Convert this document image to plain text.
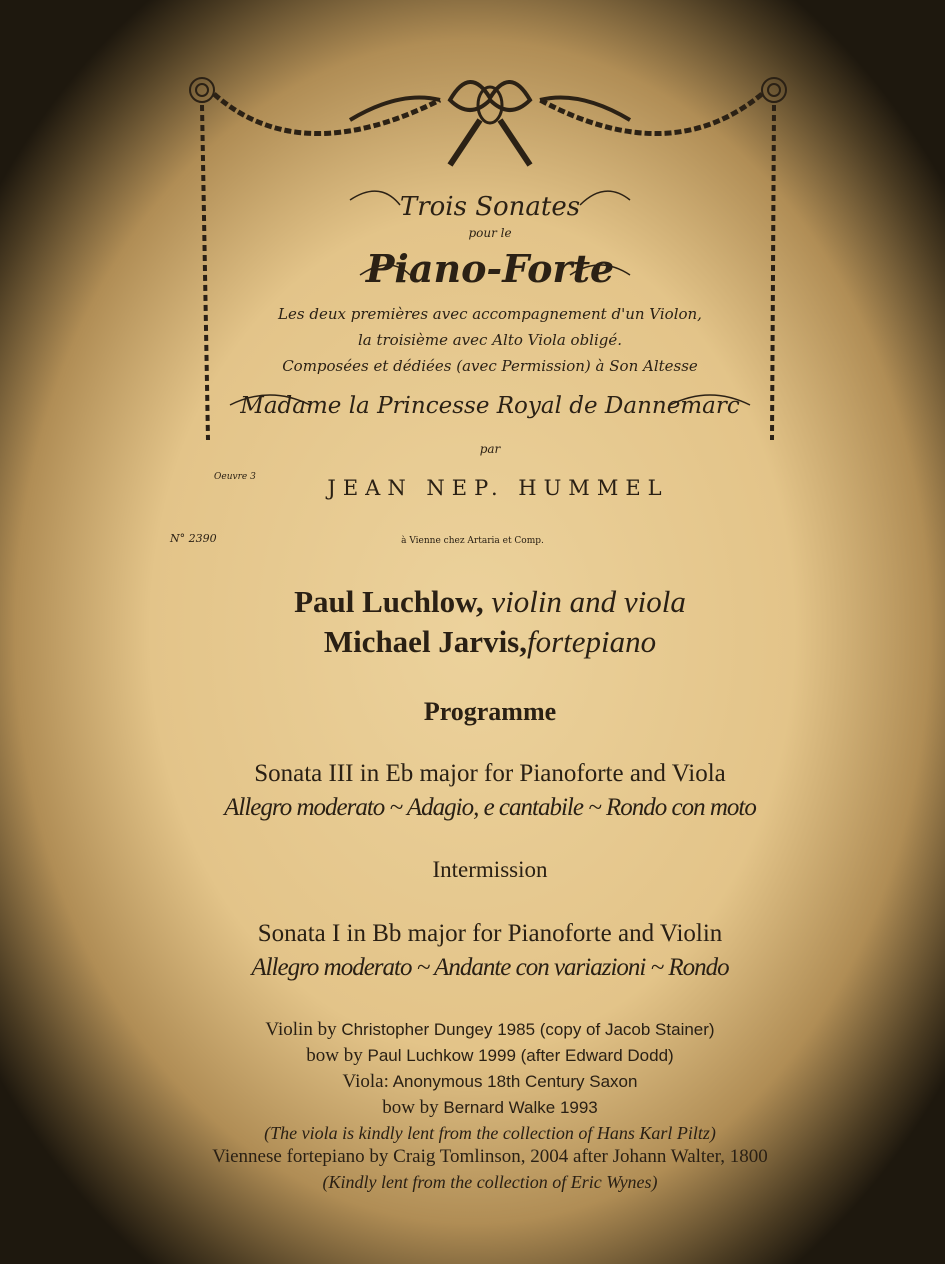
Trois Sonates
pour le
Piano-Forte
Les deux premières avec accompagnement d'un Violon,
la troisième avec Alto Viola obligé.
Composées et dédiées (avec Permission) à Son Altesse
Madame la Princesse Royal de Dannemarc
par
Oeuvre 3	JEAN NEP. HUMMEL
N° 2390	à Vienne chez Artaria et Comp.
Paul Luchlow, violin and viola
Michael Jarvis,fortepiano
Programme
Sonata III in Eb major for Pianoforte and Viola
Allegro moderato ~ Adagio, e cantabile ~ Rondo con moto
Intermission
Sonata I in Bb major for Pianoforte and Violin
Allegro moderato ~ Andante con variazioni ~ Rondo
Violin by Christopher Dungey 1985 (copy of Jacob Stainer)
bow by Paul Luchkow 1999 (after Edward Dodd)
Viola: Anonymous 18th Century Saxon
bow by Bernard Walke 1993
(The viola is kindly lent from the collection of Hans Karl Piltz)
Viennese fortepiano by Craig Tomlinson, 2004 after Johann Walter, 1800
(Kindly lent from the collection of Eric Wynes)
